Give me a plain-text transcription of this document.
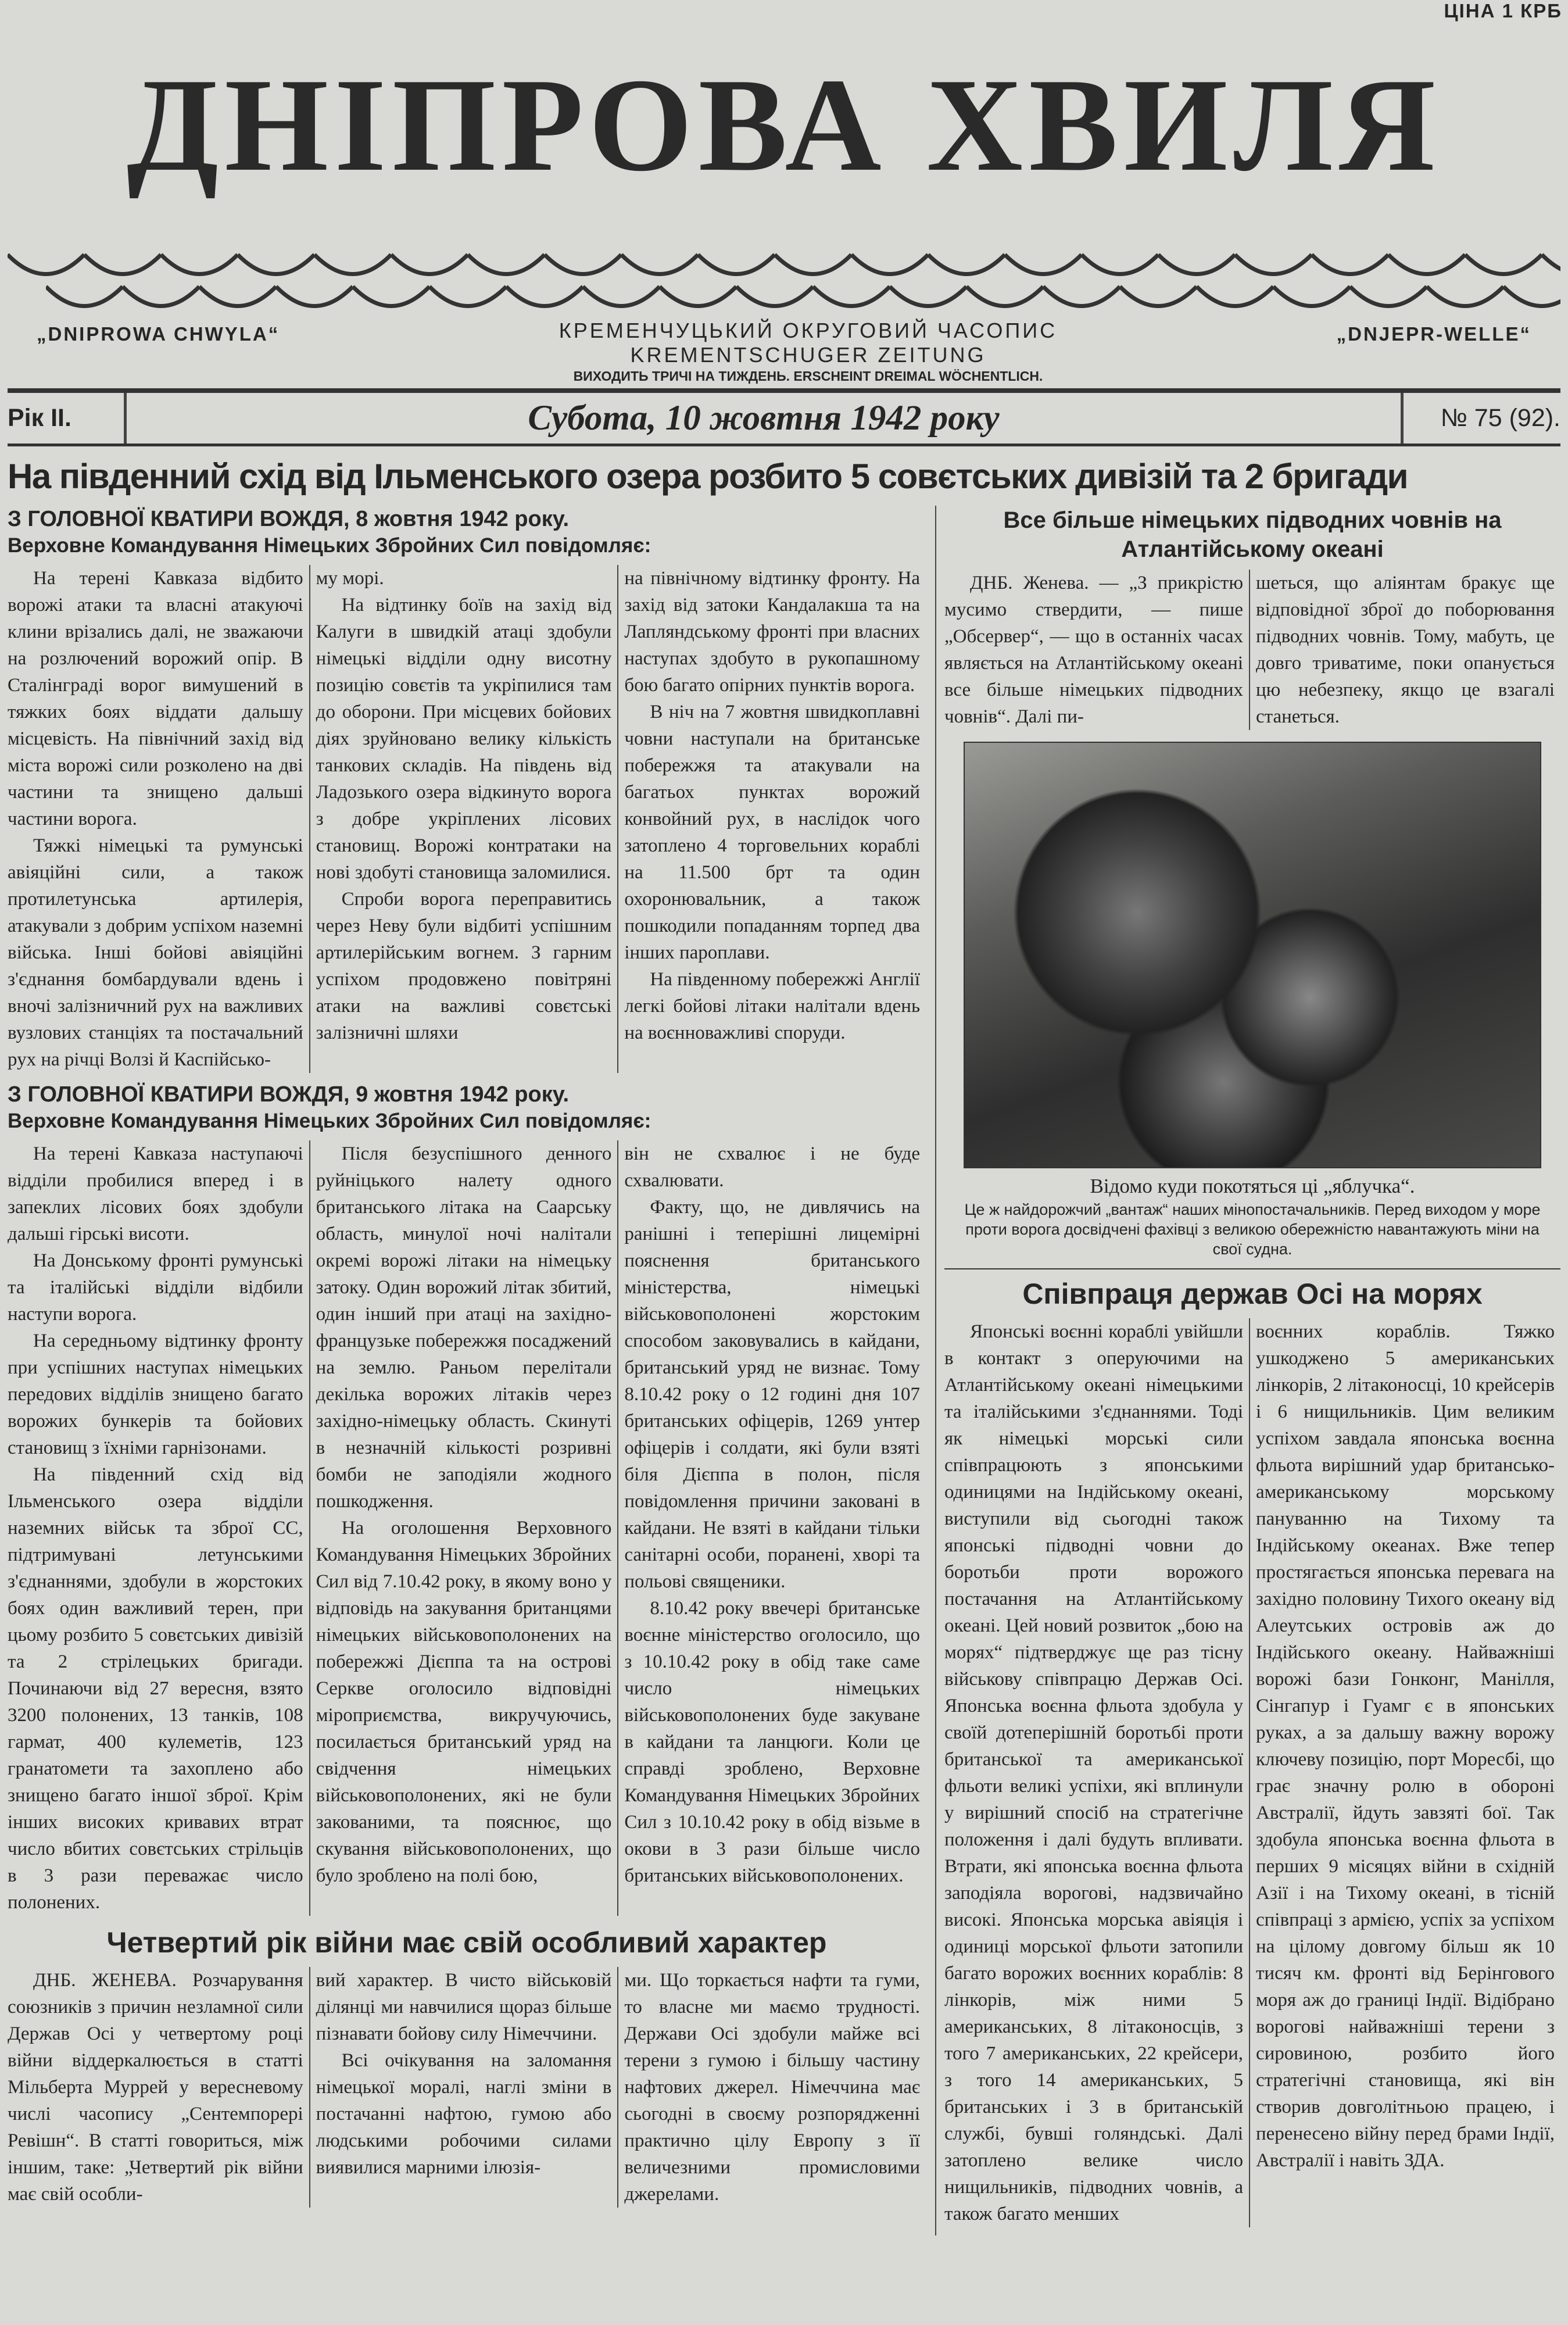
ЦІНА 1 КРБ
ДНІПРОВА ХВИЛЯ
„DNIPROWA CHWYLA“	КРЕМЕНЧУЦЬКИЙ ОКРУГОВИЙ ЧАСОПИС
KREMENTSCHUGER ZEITUNG
ВИХОДИТЬ ТРИЧІ НА ТИЖДЕНЬ. ERSCHEINT DREIMAL WÖCHENTLICH.
„DNJEPR-WELLE“
Рік II.	Субота, 10 жовтня 1942 року	№ 75 (92).
На південний схід від Ільменського озера розбито 5 совєтських дивізій та 2 бригади
З ГОЛОВНОЇ КВАТИРИ ВОЖДЯ, 8 жовтня 1942 року.
Верховне Командування Німецьких Збройних Сил повідомляє:

На терені Кавказа відбито ворожі атаки та власні атакуючі клини врізались далі, не зважаючи на розлючений ворожий опір. В Сталінграді ворог вимушений в тяжких боях віддати дальшу місцевість. На північний захід від міста ворожі сили розколено на дві частини та знищено дальші частини ворога.

Тяжкі німецькі та румунські авіяційні сили, а також протилетунська артилерія, атакували з добрим успіхом наземні війська. Інші бойові авіяційні з'єднання бомбардували вдень і вночі залізничний рух на важливих вузлових станціях та постачальний рух на річці Волзі й Каспійсько-

му морі.

На відтинку боїв на захід від Калуги в швидкій атаці здобули німецькі відділи одну висотну позицію совєтів та укріпилися там до оборони. При місцевих бойових діях зруйновано велику кількість танкових складів. На південь від Ладозького озера відкинуто ворога з добре укріплених лісових становищ. Ворожі контратаки на нові здобуті становища заломилися.

Спроби ворога переправитись через Неву були відбиті успішним артилерійським вогнем. З гарним успіхом продовжено повітряні атаки на важливі совєтські залізничні шляхи

на північному відтинку фронту. На захід від затоки Кандалакша та на Лапляндському фронті при власних наступах здобуто в рукопашному бою багато опірних пунктів ворога.

В ніч на 7 жовтня швидкоплавні човни наступали на британське побережжя та атакували на багатьох пунктах ворожий конвойний рух, в наслідок чого затоплено 4 торговельних кораблі на 11.500 брт та один охоронювальник, а також пошкодили попаданням торпед два інших пароплави.

На південному побережжі Англії легкі бойові літаки налітали вдень на воєнноважливі споруди.

З ГОЛОВНОЇ КВАТИРИ ВОЖДЯ, 9 жовтня 1942 року.
Верховне Командування Німецьких Збройних Сил повідомляє:

На терені Кавказа наступаючі відділи пробилися вперед і в запеклих лісових боях здобули дальші гірські висоти.

На Донському фронті румунські та італійські відділи відбили наступи ворога.

На середньому відтинку фронту при успішних наступах німецьких передових відділів знищено багато ворожих бункерів та бойових становищ з їхніми гарнізонами.

На південний схід від Ільменського озера відділи наземних військ та зброї СС, підтримувані летунськими з'єднаннями, здобули в жорстоких боях один важливий терен, при цьому розбито 5 совєтських дивізій та 2 стрілецьких бригади. Починаючи від 27 вересня, взято 3200 полонених, 13 танків, 108 гармат, 400 кулеметів, 123 гранатомети та захоплено або знищено багато іншої зброї. Крім інших високих кривавих втрат число вбитих совєтських стрільців в 3 рази переважає число полонених.

Після безуспішного денного руйніцького налету одного британського літака на Саарську область, минулої ночі налітали окремі ворожі літаки на німецьку затоку. Один ворожий літак збитий, один інший при атаці на західно-французьке побережжя посаджений на землю. Раньом перелітали декілька ворожих літаків через західно-німецьку область. Скинуті в незначній кількості розривні бомби не заподіяли жодного пошкодження.

На оголошення Верховного Командування Німецьких Збройних Сил від 7.10.42 року, в якому воно у відповідь на закування британцями німецьких військовополонених на побережжі Дієппа та на острові Серкве оголосило відповідні міроприємства, викручуючись, посилається британський уряд на свідчення німецьких військовополонених, які не були закованими, та пояснює, що скування військовополонених, що було зроблено на полі бою,

він не схвалює і не буде схвалювати.

Факту, що, не дивлячись на ранішні і теперішні лицемірні пояснення британського міністерства, німецькі військовополонені жорстоким способом заковувались в кайдани, британський уряд не визнає. Тому 8.10.42 року о 12 годині дня 107 британських офіцерів, 1269 унтер офіцерів і солдати, які були взяті біля Дієппа в полон, після повідомлення причини заковані в кайдани. Не взяті в кайдани тільки санітарні особи, поранені, хворі та польові священики.

8.10.42 року ввечері британське воєнне міністерство оголосило, що з 10.10.42 року в обід таке саме число німецьких військовополонених буде закуване в кайдани та ланцюги. Коли це справді зроблено, Верховне Командування Німецьких Збройних Сил з 10.10.42 року в обід візьме в окови в 3 рази більше число британських військовополонених.

Четвертий рік війни має свій особливий характер

ДНБ. ЖЕНЕВА. Розчарування союзників з причин незламної сили Держав Осі у четвертому році війни віддеркалюється в статті Мільберта Муррей у вересневому числі часопису „Сентемпорері Ревішн“. В статті говориться, між іншим, таке: „Четвертий рік війни має свій особли-

вий характер. В чисто військовій ділянці ми навчилися щораз більше пізнавати бойову силу Німеччини.

Всі очікування на заломання німецької моралі, наглі зміни в постачанні нафтою, гумою або людськими робочими силами виявилися марними ілюзія-

ми. Що торкається нафти та гуми, то власне ми маємо трудності. Держави Осі здобули майже всі терени з гумою і більшу частину нафтових джерел. Німеччина має сьогодні в своєму розпорядженні практично цілу Европу з її величезними промисловими джерелами.

Все більше німецьких підводних човнів на Атлантійському океані

ДНБ. Женева. — „З прикрістю мусимо ствердити, — пише „Обсервер“, — що в останніх часах являється на Атлантійському океані все більше німецьких підводних човнів“. Далі пи-

шеться, що аліянтам бракує ще відповідної зброї до поборювання підводних човнів. Тому, мабуть, це довго триватиме, поки опанується цю небезпеку, якщо це взагалі станеться.

Відомо куди покотяться ці „яблучка“.
Це ж найдорожчий „вантаж“ наших мінопостачальників. Перед виходом у море проти ворога досвідчені фахівці з великою обережністю навантажують міни на свої судна.
Співпраця держав Осі на морях

Японські воєнні кораблі увійшли в контакт з оперуючими на Атлантійському океані німецькими та італійськими з'єднаннями. Тоді як німецькі морські сили співпрацюють з японськими одиницями на Індійському океані, виступили від сьогодні також японські підводні човни до боротьби проти ворожого постачання на Атлантійському океані. Цей новий розвиток „бою на морях“ підтверджує ще раз тісну військову співпрацю Держав Осі. Японська воєнна фльота здобула у своїй дотеперішній боротьбі проти британської та американської фльоти великі успіхи, які вплинули у вирішний спосіб на стратегічне положення і далі будуть впливати. Втрати, які японська воєнна фльота заподіяла ворогові, надзвичайно високі. Японська морська авіяція і одиниці морської фльоти затопили багато ворожих воєнних кораблів: 8 лінкорів, між ними 5 американських, 8 літаконосців, з того 7 американських, 22 крейсери, з того 14 американських, 5 британських і 3 в британській службі, бувші голяндські. Далі затоплено велике число нищильників, підводних човнів, а також багато менших

воєнних кораблів. Тяжко ушкоджено 5 американських лінкорів, 2 літаконосці, 10 крейсерів і 6 нищильників. Цим великим успіхом завдала японська воєнна фльота вирішний удар британсько-американському морському пануванню на Тихому та Індійському океанах. Вже тепер простягається японська перевага на західно половину Тихого океану від Алеутських островів аж до Індійського океану. Найважніші ворожі бази Гонконг, Манілля, Сінгапур і Гуамг є в японських руках, а за дальшу важну ворожу ключеву позицію, порт Моресбі, що грає значну ролю в обороні Австралії, йдуть завзяті бої. Так здобула японська воєнна фльота в перших 9 місяцях війни в східній Азії і на Тихому океані, в тісній співпраці з армією, успіх за успіхом на цілому довгому більш як 10 тисяч км. фронті від Берінгового моря аж до границі Індії. Відібрано ворогові найважніші терени з сировиною, розбито його стратегічні становища, які він створив довголітньою працею, і перенесено війну перед брами Індії, Австралії і навіть ЗДА.
